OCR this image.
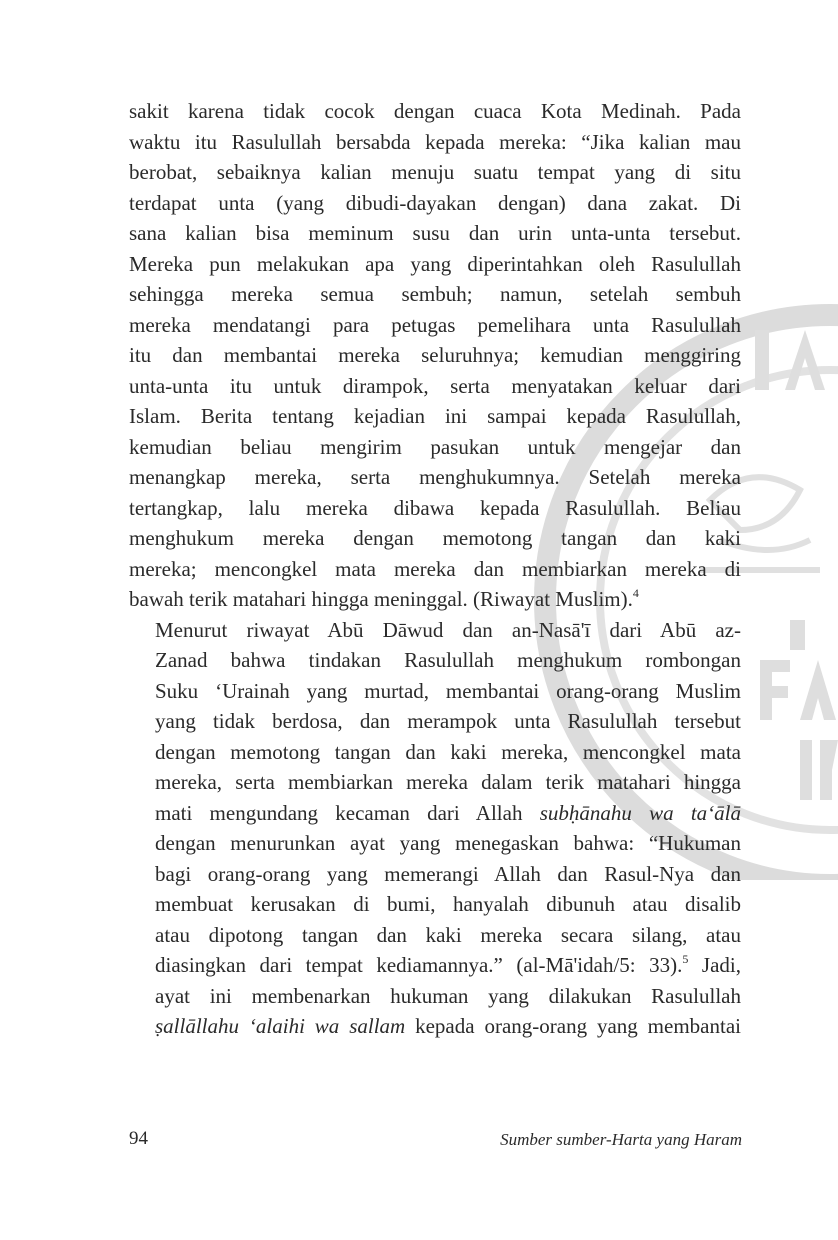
sakit karena tidak cocok dengan cuaca Kota Medinah. Pada
waktu itu Rasulullah bersabda kepada mereka: “Jika kalian mau
berobat, sebaiknya kalian menuju suatu tempat yang di situ
terdapat unta (yang dibudi-dayakan dengan) dana zakat. Di
sana kalian bisa meminum susu dan urin unta-unta tersebut.
Mereka pun melakukan apa yang diperintahkan oleh Rasulullah
sehingga mereka semua sembuh; namun, setelah sembuh
mereka mendatangi para petugas pemelihara unta Rasulullah
itu dan membantai mereka seluruhnya; kemudian menggiring
unta-unta itu untuk dirampok, serta menyatakan keluar dari
Islam. Berita tentang kejadian ini sampai kepada Rasulullah,
kemudian beliau mengirim pasukan untuk mengejar dan
menangkap mereka, serta menghukumnya. Setelah mereka
tertangkap, lalu mereka dibawa kepada Rasulullah. Beliau
menghukum mereka dengan memotong tangan dan kaki
mereka; mencongkel mata mereka dan membiarkan mereka di
bawah terik matahari hingga meninggal. (Riwayat Muslim).$^4$

Menurut riwayat Abū Dāwud dan an-Nasā'ī dari Abū az-
Zanad bahwa tindakan Rasulullah menghukum rombongan
Suku ‘Urainah yang murtad, membantai orang-orang Muslim
yang tidak berdosa, dan merampok unta Rasulullah tersebut
dengan memotong tangan dan kaki mereka, mencongkel mata
mereka, serta membiarkan mereka dalam terik matahari hingga
mati mengundang kecaman dari Allah subḥānahu wa ta‘ālā
dengan menurunkan ayat yang menegaskan bahwa: “Hukuman
bagi orang-orang yang memerangi Allah dan Rasul-Nya dan
membuat kerusakan di bumi, hanyalah dibunuh atau disalib
atau dipotong tangan dan kaki mereka secara silang, atau
diasingkan dari tempat kediamannya.” (al-Mā'idah/5: 33).$^5$ Jadi,
ayat ini membenarkan hukuman yang dilakukan Rasulullah
ṣallāllahu ‘alaihi wa sallam kepada orang-orang yang membantai

94	Sumber sumber-Harta yang Haram
